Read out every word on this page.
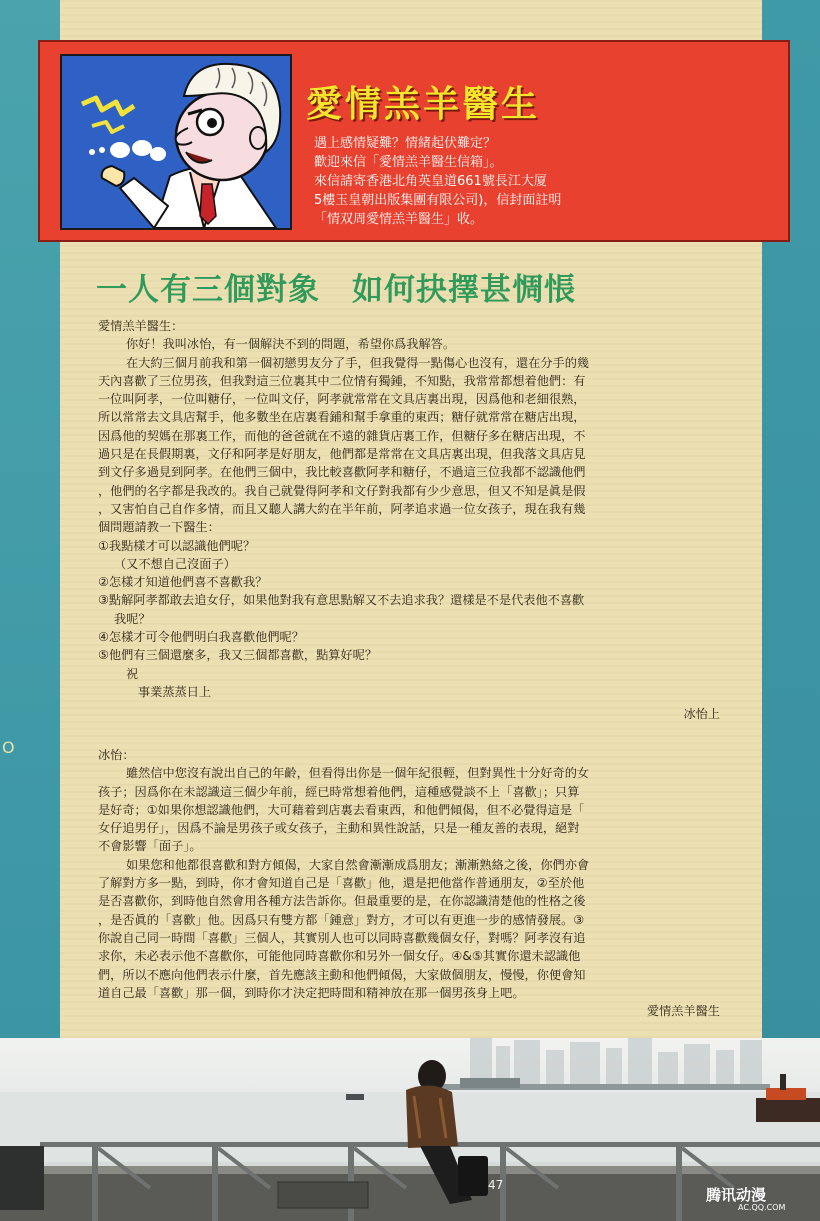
O
愛情羔羊醫生
遇上感情疑難？情緒起伏難定？
歡迎來信「愛情羔羊醫生信箱」。
來信請寄香港北角英皇道661號長江大厦
5樓玉皇朝出版集團有限公司)，信封面註明
「情双周愛情羔羊醫生」收。
一人有三個對象　如何抉擇甚惆悵
愛情羔羊醫生：
你好！我叫冰怡，有一個解決不到的問題，希望你爲我解答。
在大約三個月前我和第一個初戀男友分了手，但我覺得一點傷心也沒有，還在分手的幾
天內喜歡了三位男孩，但我對這三位裏其中二位情有獨鍾，不知點，我常常都想着他們：有
一位叫阿孝，一位叫糖仔，一位叫文仔，阿孝就常常在文具店裏出現，因爲他和老細很熟，
所以常常去文具店幫手，他多數坐在店裏看鋪和幫手拿重的東西；糖仔就常常在糖店出現，
因爲他的契媽在那裏工作，而他的爸爸就在不遠的雜貨店裏工作，但糖仔多在糖店出現，不
過只是在長假期裏，文仔和阿孝是好朋友，他們都是常常在文具店裏出現，但我落文具店見
到文仔多過見到阿孝。在他們三個中，我比較喜歡阿孝和糖仔，不過這三位我都不認識他們
，他們的名字都是我改的。我自己就覺得阿孝和文仔對我都有少少意思，但又不知是眞是假
，又害怕自己自作多情，而且又聽人講大約在半年前，阿孝追求過一位女孩子，現在我有幾
個問題請教一下醫生：
①我點樣才可以認識他們呢？
（又不想自己沒面子）
②怎樣才知道他們喜不喜歡我？
③點解阿孝都敢去追女仔，如果他對我有意思點解又不去追求我？還樣是不是代表他不喜歡
我呢？
④怎樣才可令他們明白我喜歡他們呢？
⑤他們有三個還麼多，我又三個都喜歡，點算好呢？
祝
事業蒸蒸日上
冰怡上
冰怡：
雖然信中您沒有說出自己的年齡，但看得出你是一個年紀很輕，但對異性十分好奇的女
孩子；因爲你在未認識這三個少年前，經已時常想着他們，這種感覺談不上「喜歡」；只算
是好奇；①如果你想認識他們，大可藉着到店裏去看東西，和他們傾偈，但不必覺得這是「
女仔追男仔」，因爲不論是男孩子或女孩子，主動和異性說話，只是一種友善的表現，絕對
不會影響「面子」。
如果您和他都很喜歡和對方傾偈，大家自然會漸漸成爲朋友；漸漸熟絡之後，你們亦會
了解對方多一點，到時，你才會知道自己是「喜歡」他，還是把他當作普通朋友，②至於他
是否喜歡你，到時他自然會用各種方法告訴你。但最重要的是，在你認識清楚他的性格之後
，是否眞的「喜歡」他。因爲只有雙方都「鍾意」對方，才可以有更進一步的感情發展。③
你說自己同一時間「喜歡」三個人，其實別人也可以同時喜歡幾個女仔，對嗎？阿孝沒有追
求你，未必表示他不喜歡你，可能他同時喜歡你和另外一個女仔。④&⑤其實你還未認識他
們，所以不應向他們表示什麼，首先應該主動和他們傾偈，大家做個朋友，慢慢，你便會知
道自己最「喜歡」那一個，到時你才決定把時間和精神放在那一個男孩身上吧。
愛情羔羊醫生
47
腾讯动漫
AC.QQ.COM
